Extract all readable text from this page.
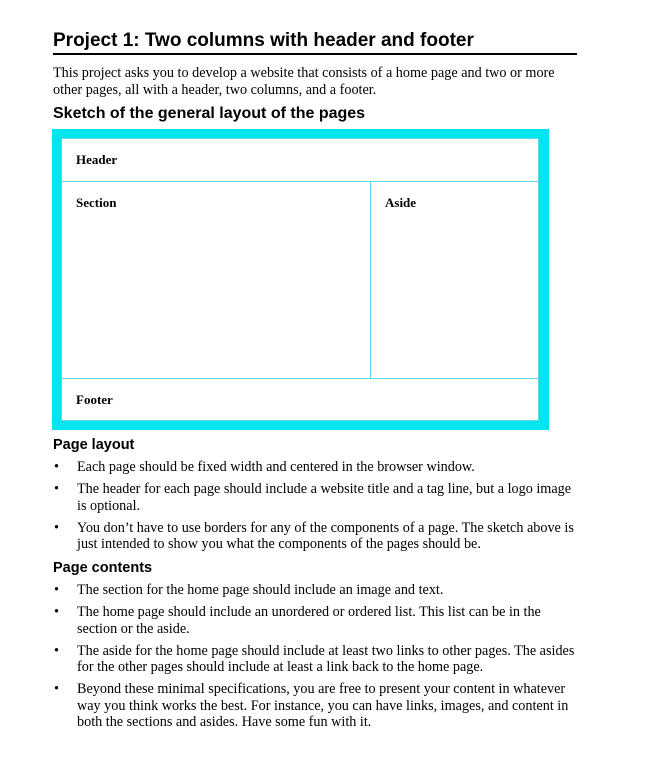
Project 1: Two columns with header and footer
This project asks you to develop a website that consists of a home page and two or more other pages, all with a header, two columns, and a footer.
Sketch of the general layout of the pages
Header
Section	Aside
Footer
Page layout
• Each page should be fixed width and centered in the browser window.
• The header for each page should include a website title and a tag line, but a logo image is optional.
• You don’t have to use borders for any of the components of a page. The sketch above is just intended to show you what the components of the pages should be.
Page contents
• The section for the home page should include an image and text.
• The home page should include an unordered or ordered list. This list can be in the section or the aside.
• The aside for the home page should include at least two links to other pages. The asides for the other pages should include at least a link back to the home page.
• Beyond these minimal specifications, you are free to present your content in whatever way you think works the best. For instance, you can have links, images, and content in both the sections and asides. Have some fun with it.
